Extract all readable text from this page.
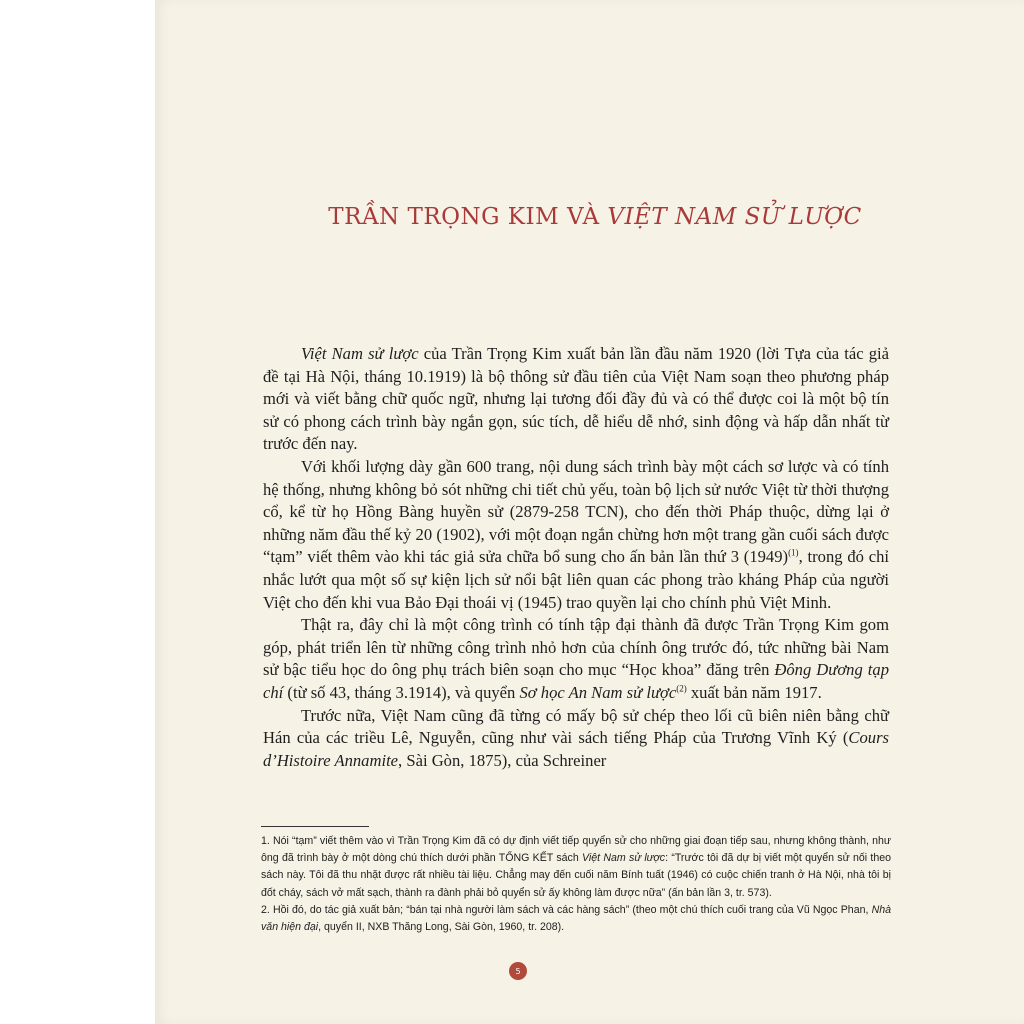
TRẦN TRỌNG KIM VÀ VIỆT NAM SỬ LƯỢC

Việt Nam sử lược của Trần Trọng Kim xuất bản lần đầu năm 1920 (lời Tựa của tác giả đề tại Hà Nội, tháng 10.1919) là bộ thông sử đầu tiên của Việt Nam soạn theo phương pháp mới và viết bằng chữ quốc ngữ, nhưng lại tương đối đầy đủ và có thể được coi là một bộ tín sử có phong cách trình bày ngắn gọn, súc tích, dễ hiểu dễ nhớ, sinh động và hấp dẫn nhất từ trước đến nay.

Với khối lượng dày gần 600 trang, nội dung sách trình bày một cách sơ lược và có tính hệ thống, nhưng không bỏ sót những chi tiết chủ yếu, toàn bộ lịch sử nước Việt từ thời thượng cổ, kể từ họ Hồng Bàng huyền sử (2879-258 TCN), cho đến thời Pháp thuộc, dừng lại ở những năm đầu thế kỷ 20 (1902), với một đoạn ngắn chừng hơn một trang gần cuối sách được “tạm” viết thêm vào khi tác giả sửa chữa bổ sung cho ấn bản lần thứ 3 $(1949)^{(1)}$, trong đó chỉ nhắc lướt qua một số sự kiện lịch sử nổi bật liên quan các phong trào kháng Pháp của người Việt cho đến khi vua Bảo Đại thoái vị (1945) trao quyền lại cho chính phủ Việt Minh.

Thật ra, đây chỉ là một công trình có tính tập đại thành đã được Trần Trọng Kim gom góp, phát triển lên từ những công trình nhỏ hơn của chính ông trước đó, tức những bài Nam sử bậc tiểu học do ông phụ trách biên soạn cho mục “Học khoa” đăng trên Đông Dương tạp chí (từ số 43, tháng 3.1914), và quyển Sơ học An Nam sử lược$^{(2)}$ xuất bản năm 1917.

Trước nữa, Việt Nam cũng đã từng có mấy bộ sử chép theo lối cũ biên niên bằng chữ Hán của các triều Lê, Nguyễn, cũng như vài sách tiếng Pháp của Trương Vĩnh Ký (Cours d’Histoire Annamite, Sài Gòn, 1875), của Schreiner

1. Nói “tạm” viết thêm vào vì Trần Trọng Kim đã có dự định viết tiếp quyển sử cho những giai đoạn tiếp sau, nhưng không thành, như ông đã trình bày ở một dòng chú thích dưới phần TỔNG KẾT sách Việt Nam sử lược: “Trước tôi đã dự bị viết một quyển sử nối theo sách này. Tôi đã thu nhặt được rất nhiều tài liệu. Chẳng may đến cuối năm Bính tuất (1946) có cuộc chiến tranh ở Hà Nội, nhà tôi bị đốt cháy, sách vở mất sạch, thành ra đành phải bỏ quyển sử ấy không làm được nữa” (ấn bản lần 3, tr. 573).

2. Hồi đó, do tác giả xuất bản; “bán tại nhà người làm sách và các hàng sách” (theo một chú thích cuối trang của Vũ Ngọc Phan, Nhà văn hiện đại, quyển II, NXB Thăng Long, Sài Gòn, 1960, tr. 208).

5
